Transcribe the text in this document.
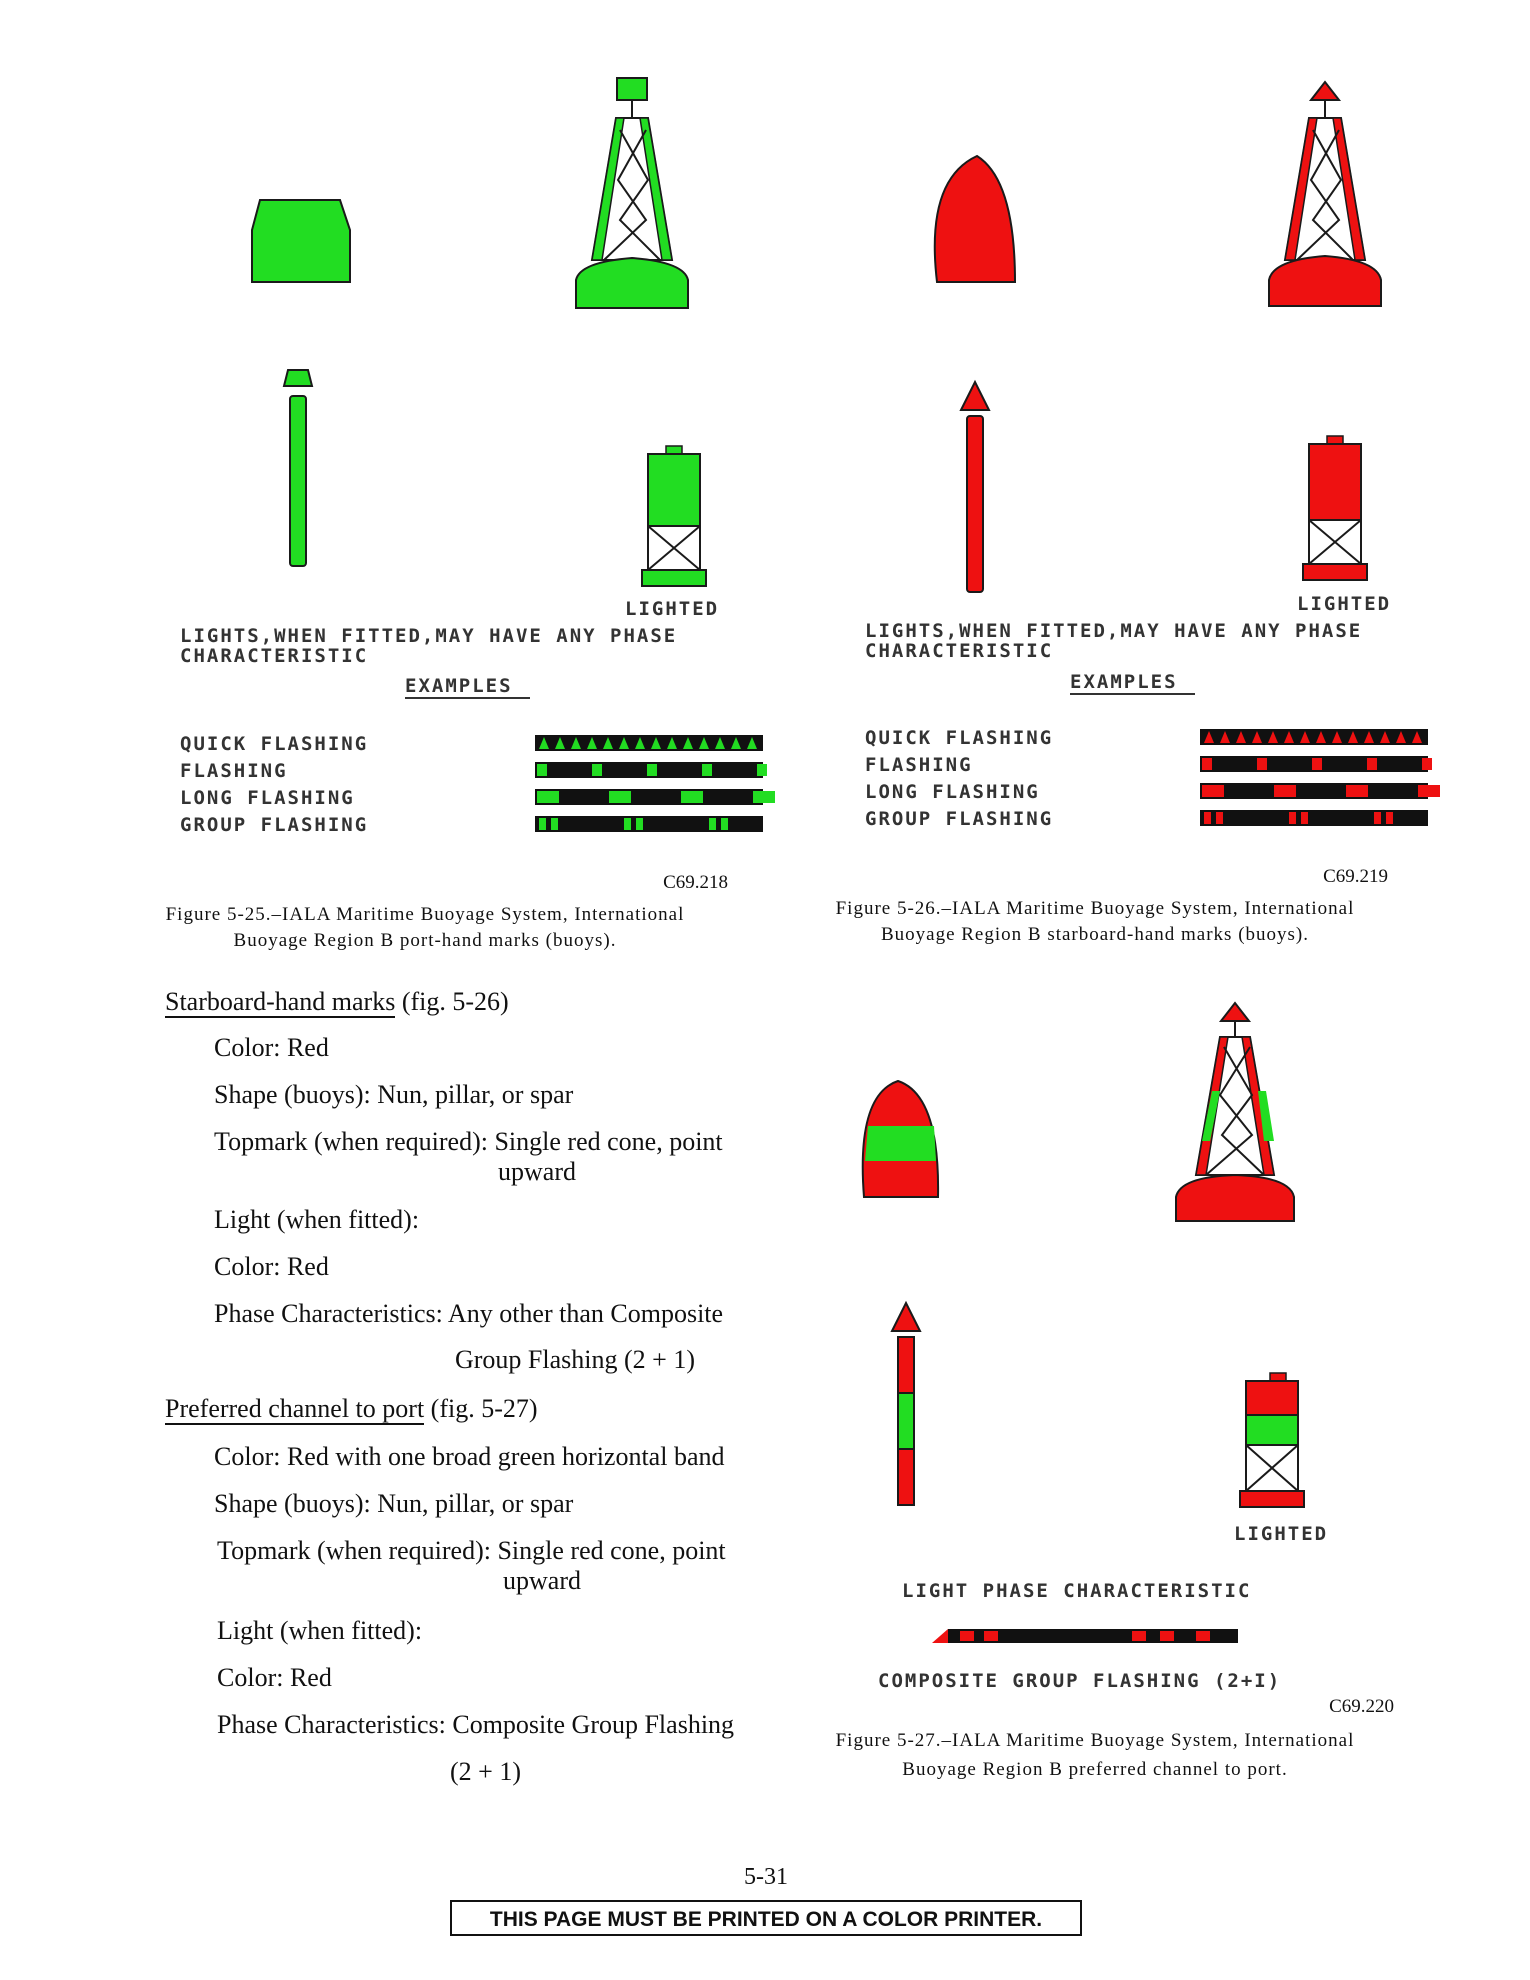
LIGHTED
LIGHTS,WHEN FITTED,MAY HAVE ANY PHASE
CHARACTERISTIC
EXAMPLES
QUICK FLASHING
FLASHING
LONG FLASHING
GROUP FLASHING
LIGHTED
LIGHTS,WHEN FITTED,MAY HAVE ANY PHASE
CHARACTERISTIC
EXAMPLES
QUICK FLASHING
FLASHING
LONG FLASHING
GROUP FLASHING
C69.218
Figure 5-25.–IALA Maritime Buoyage System, International
Buoyage Region B port-hand marks (buoys).
C69.219
Figure 5-26.–IALA Maritime Buoyage System, International
Buoyage Region B starboard-hand marks (buoys).
Starboard-hand marks (fig. 5-26)
Color: Red
Shape (buoys): Nun, pillar, or spar
Topmark (when required): Single red cone, point
upward
Light (when fitted):
Color: Red
Phase Characteristics: Any other than Composite
Group Flashing (2 + 1)
Preferred channel to port (fig. 5-27)
Color: Red with one broad green horizontal band
Shape (buoys): Nun, pillar, or spar
Topmark (when required): Single red cone, point
upward
Light (when fitted):
Color: Red
Phase Characteristics: Composite Group Flashing
(2 + 1)
LIGHTED
LIGHT PHASE CHARACTERISTIC
COMPOSITE GROUP FLASHING (2+I)
C69.220
Figure 5-27.–IALA Maritime Buoyage System, International
Buoyage Region B preferred channel to port.
5-31
THIS PAGE MUST BE PRINTED ON A COLOR PRINTER.
